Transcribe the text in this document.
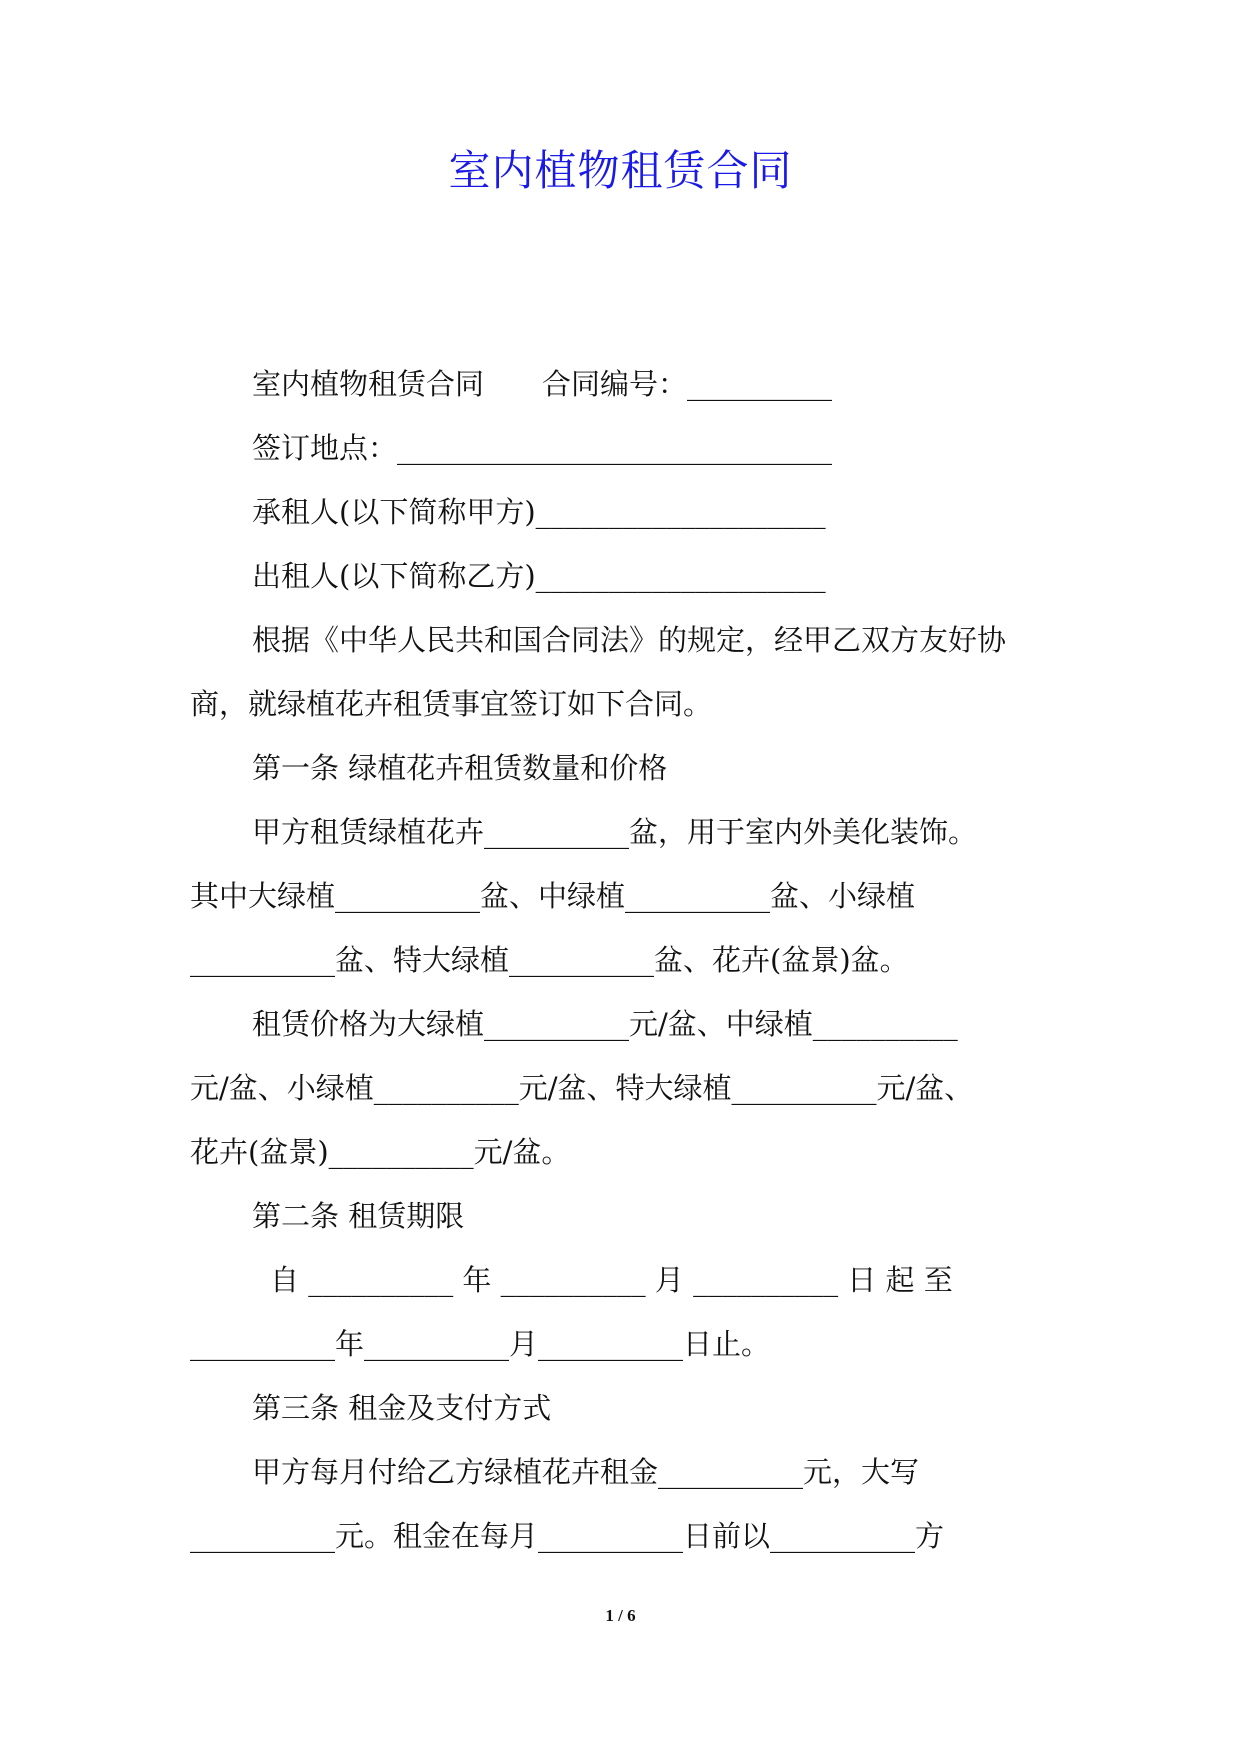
室内植物租赁合同
室内植物租赁合同　　合同编号：__________
签订地点：______________________________
承租人(以下简称甲方)____________________
出租人(以下简称乙方)____________________
根据《中华人民共和国合同法》的规定，经甲乙双方友好协
商，就绿植花卉租赁事宜签订如下合同。
第一条 绿植花卉租赁数量和价格
甲方租赁绿植花卉__________盆，用于室内外美化装饰。
其中大绿植__________盆、中绿植__________盆、小绿植
__________盆、特大绿植__________盆、花卉(盆景)盆。
租赁价格为大绿植__________元/盆、中绿植__________
元/盆、小绿植__________元/盆、特大绿植__________元/盆、
花卉(盆景)__________元/盆。
第二条 租赁期限
自 __________ 年 __________ 月 __________ 日 起 至
__________年__________月__________日止。
第三条 租金及支付方式
甲方每月付给乙方绿植花卉租金__________元，大写
__________元。租金在每月__________日前以__________方
1 / 6
